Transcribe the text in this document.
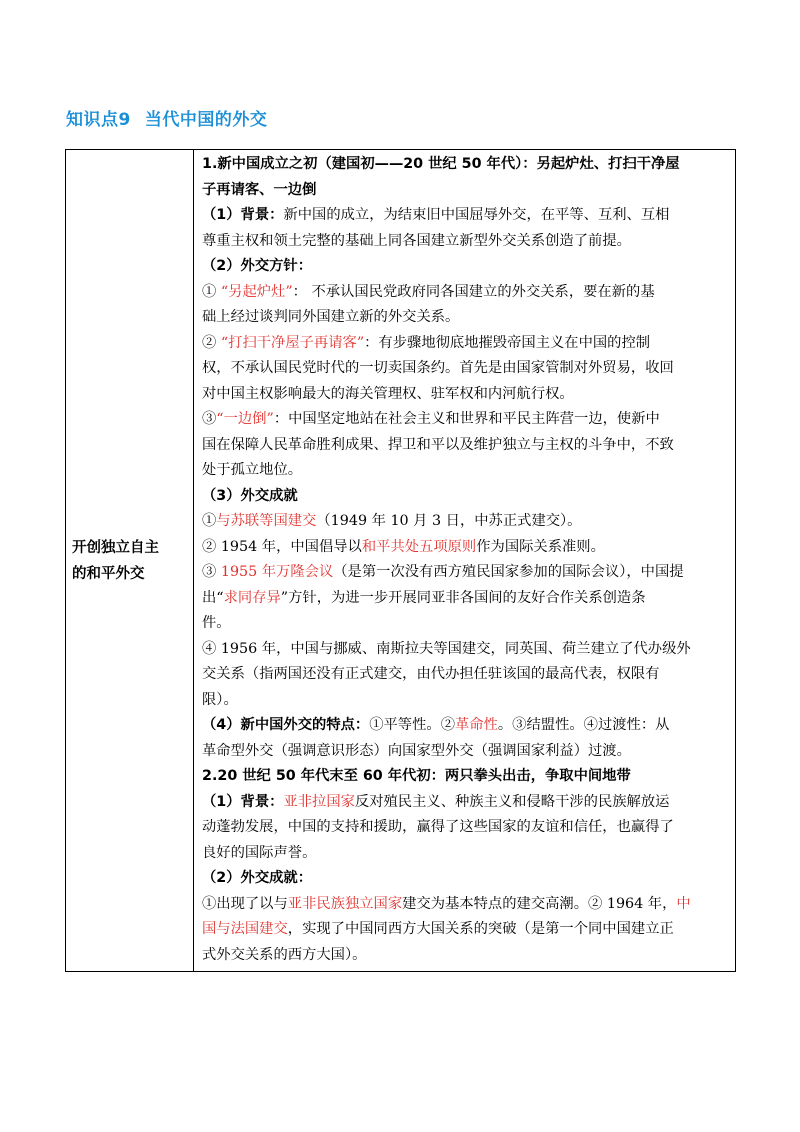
知识点9 当代中国的外交
开创独立自主
的和平外交

1.新中国成立之初（建国初——20 世纪 50 年代）：另起炉灶、打扫干净屋
子再请客、一边倒
（1）背景：新中国的成立，为结束旧中国屈辱外交，在平等、互利、互相
尊重主权和领土完整的基础上同各国建立新型外交关系创造了前提。
（2）外交方针：
① “另起炉灶”： 不承认国民党政府同各国建立的外交关系，要在新的基
础上经过谈判同外国建立新的外交关系。
② “打扫干净屋子再请客”：有步骤地彻底地摧毁帝国主义在中国的控制
权，不承认国民党时代的一切卖国条约。首先是由国家管制对外贸易，收回
对中国主权影响最大的海关管理权、驻军权和内河航行权。
③“一边倒”：中国坚定地站在社会主义和世界和平民主阵营一边，使新中
国在保障人民革命胜利成果、捍卫和平以及维护独立与主权的斗争中，不致
处于孤立地位。
（3）外交成就
①与苏联等国建交（1949 年 10 月 3 日，中苏正式建交）。
② 1954 年，中国倡导以和平共处五项原则作为国际关系准则。
③ 1955 年万隆会议（是第一次没有西方殖民国家参加的国际会议），中国提
出“求同存异”方针，为进一步开展同亚非各国间的友好合作关系创造条
件。
④ 1956 年，中国与挪威、南斯拉夫等国建交，同英国、荷兰建立了代办级外
交关系（指两国还没有正式建交，由代办担任驻该国的最高代表，权限有
限）。
（4）新中国外交的特点：①平等性。②革命性。③结盟性。④过渡性：从
革命型外交（强调意识形态）向国家型外交（强调国家利益）过渡。
2.20 世纪 50 年代末至 60 年代初：两只拳头出击，争取中间地带
（1）背景：亚非拉国家反对殖民主义、种族主义和侵略干涉的民族解放运
动蓬勃发展，中国的支持和援助，赢得了这些国家的友谊和信任，也赢得了
良好的国际声誉。
（2）外交成就：
①出现了以与亚非民族独立国家建交为基本特点的建交高潮。② 1964 年，中
国与法国建交，实现了中国同西方大国关系的突破（是第一个同中国建立正
式外交关系的西方大国）。
